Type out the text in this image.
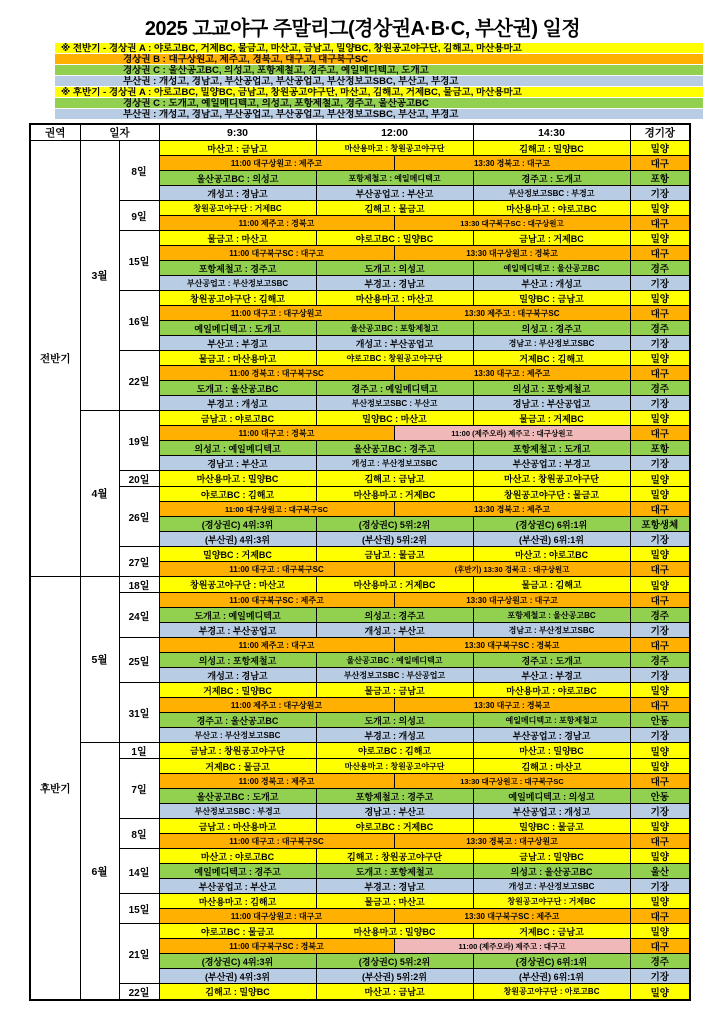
2025 고교야구 주말리그(경상권A·B·C, 부산권) 일정
※ 전반기 - 경상권 A : 야로고BC, 거제BC, 물금고, 마산고, 금남고, 밀양BC, 창원공고야구단, 김해고, 마산용마고
경상권 B : 대구상원고, 제주고, 경북고, 대구고, 대구북구SC
경상권 C : 울산공고BC, 의성고, 포항제철고, 경주고, 예일메디텍고, 도개고
부산권 : 개성고, 경남고, 부산공업고, 부산공업고, 부산정보고SBC, 부산고, 부경고
※ 후반기 - 경상권 A : 아로고BC, 밀양BC, 금남고, 창원공고야구단, 마산고, 김해고, 거제BC, 물금고, 마산용마고
경상권 C : 도개고, 예일메디텍고, 의성고, 포항제철고, 경주고, 울산공고BC
부산권 : 개성고, 경남고, 부산공업고, 부산공업고, 부산정보고SBC, 부산고, 부경고
권역	일자		9:30	12:00		14:30	경기장
전반기	3월	8일	마산고 : 금남고	마산용마고 : 창원공고야구단		김해고 : 밀양BC	밀양
			11:00 대구상원고 : 제주고		13:30 경북고 : 대구고		대구
			울산공고BC : 의성고	포항제철고 : 예일메디텍고		경주고 : 도개고	포항
			개성고 : 경남고	부산공업고 : 부산고		부산정보고SBC : 부경고	기장
		9일	창원공고야구단 : 거제BC	김해고 : 물금고		마산용마고 : 야로고BC	밀양
			11:00 제주고 : 경북고		13:30 대구북구SC : 대구상원고		대구
		15일	물금고 : 마산고	야로고BC : 밀양BC		금남고 : 거제BC	밀양
			11:00 대구북구SC : 대구고		13:30 대구상원고 : 경북고		대구
			포항제철고 : 경주고	도개고 : 의성고		예일메디텍고 : 울산공고BC	경주
			부산공업고 : 부산정보고SBC	부경고 : 경남고		부산고 : 개성고	기장
		16일	창원공고야구단 : 김해고	마산용마고 : 마산고		밀양BC : 금남고	밀양
			11:00 대구고 : 대구상원고		13:30 제주고 : 대구북구SC		대구
			예일메디텍고 : 도개고	울산공고BC : 포항제철고		의성고 : 경주고	경주
			부산고 : 부경고	개성고 : 부산공업고		경남고 : 부산정보고SBC	기장
		22일	물금고 : 마산용마고	야로고BC : 창원공고야구단		거제BC : 김해고	밀양
			11:00 경북고 : 대구북구SC		13:30 대구고 : 제주고		대구
			도개고 : 울산공고BC	경주고 : 예일메디텍고		의성고 : 포항제철고	경주
			부경고 : 개성고	부산정보고SBC : 부산고		경남고 : 부산공업고	기장
	4월	19일	금남고 : 야로고BC	밀양BC : 마산고		물금고 : 거제BC	밀양
			11:00 대구고 : 경북고		11:00 (제주오라) 제주고 : 대구상원고		대구
			의성고 : 예일메디텍고	울산공고BC : 경주고		포항제철고 : 도개고	포항
			경남고 : 부산고	개성고 : 부산정보고SBC		부산공업고 : 부경고	기장
		20일	마산용마고 : 밀양BC	김해고 : 금남고		마산고 : 창원공고야구단	밀양
		26일	야로고BC : 김해고	마산용마고 : 거제BC		창원공고야구단 : 물금고	밀양
			11:00 대구상원고 : 대구북구SC		13:30 경북고 : 제주고		대구
			(경상권C) 4위:3위	(경상권C) 5위:2위		(경상권C) 6위:1위	포항생체
			(부산권) 4위:3위	(부산권) 5위:2위		(부산권) 6위:1위	기장
		27일	밀양BC : 거제BC	금남고 : 물금고		마산고 : 야로고BC	밀양
			11:00 대구고 : 대구북구SC		(후반기) 13:30 경북고 : 대구상원고		대구
후반기	5월	18일	창원공고야구단 : 마산고	마산용마고 : 거제BC		물금고 : 김해고	밀양
		24일	11:00 대구북구SC : 제주고		13:30 대구상원고 : 대구고		대구
			도개고 : 예일메디텍고	의성고 : 경주고		포항제철고 : 울산공고BC	경주
			부경고 : 부산공업고	개성고 : 부산고		경남고 : 부산정보고SBC	기장
		25일	11:00 제주고 : 대구고		13:30 대구북구SC : 경북고		대구
			의성고 : 포항제철고	울산공고BC : 예일메디텍고		경주고 : 도개고	경주
			개성고 : 경남고	부산정보고SBC : 부산공업고		부산고 : 부경고	기장
		31일	거제BC : 밀양BC	물금고 : 금남고		마산용마고 : 야로고BC	밀양
			11:00 제주고 : 대구상원고		13:30 대구고 : 경북고		대구
			경주고 : 울산공고BC	도개고 : 의성고		예일메디텍고 : 포항제철고	안동
			부산고 : 부산정보고SBC	부경고 : 개성고		부산공업고 : 경남고	기장
	6월	1일	금남고 : 창원공고야구단	야로고BC : 김해고		마산고 : 밀양BC	밀양
		7일	거제BC : 물금고	마산용마고 : 창원공고야구단		김해고 : 마산고	밀양
			11:00 경북고 : 제주고		13:30 대구상원고 : 대구북구SC		대구
			울산공고BC : 도개고	포항제철고 : 경주고		예일메디텍고 : 의성고	안동
			부산정보고SBC : 부경고	경남고 : 부산고		부산공업고 : 개성고	기장
		8일	금남고 : 마산용마고	야로고BC : 거제BC		밀양BC : 물금고	밀양
			11:00 대구고 : 대구북구SC		13:30 경북고 : 대구상원고		대구
		14일	마산고 : 야로고BC	김해고 : 창원공고야구단		금남고 : 밀양BC	밀양
			예일메디텍고 : 경주고	도개고 : 포항제철고		의성고 : 울산공고BC	울산
			부산공업고 : 부산고	부경고 : 경남고		개성고 : 부산정보고SBC	기장
		15일	마산용마고 : 김해고	물금고 : 마산고		창원공고야구단 : 거제BC	밀양
			11:00 대구상원고 : 대구고		13:30 대구북구SC : 제주고		대구
		21일	야로고BC : 물금고	마산용마고 : 밀양BC		거제BC : 금남고	밀양
			11:00 대구북구SC : 경북고		11:00 (제주오라) 제주고 : 대구고		대구
			(경상권C) 4위:3위	(경상권C) 5위:2위		(경상권C) 6위:1위	경주
			(부산권) 4위:3위	(부산권) 5위:2위		(부산권) 6위:1위	기장
		22일	김해고 : 밀양BC	마산고 : 금남고		창원공고야구단 : 아로고BC	밀양
